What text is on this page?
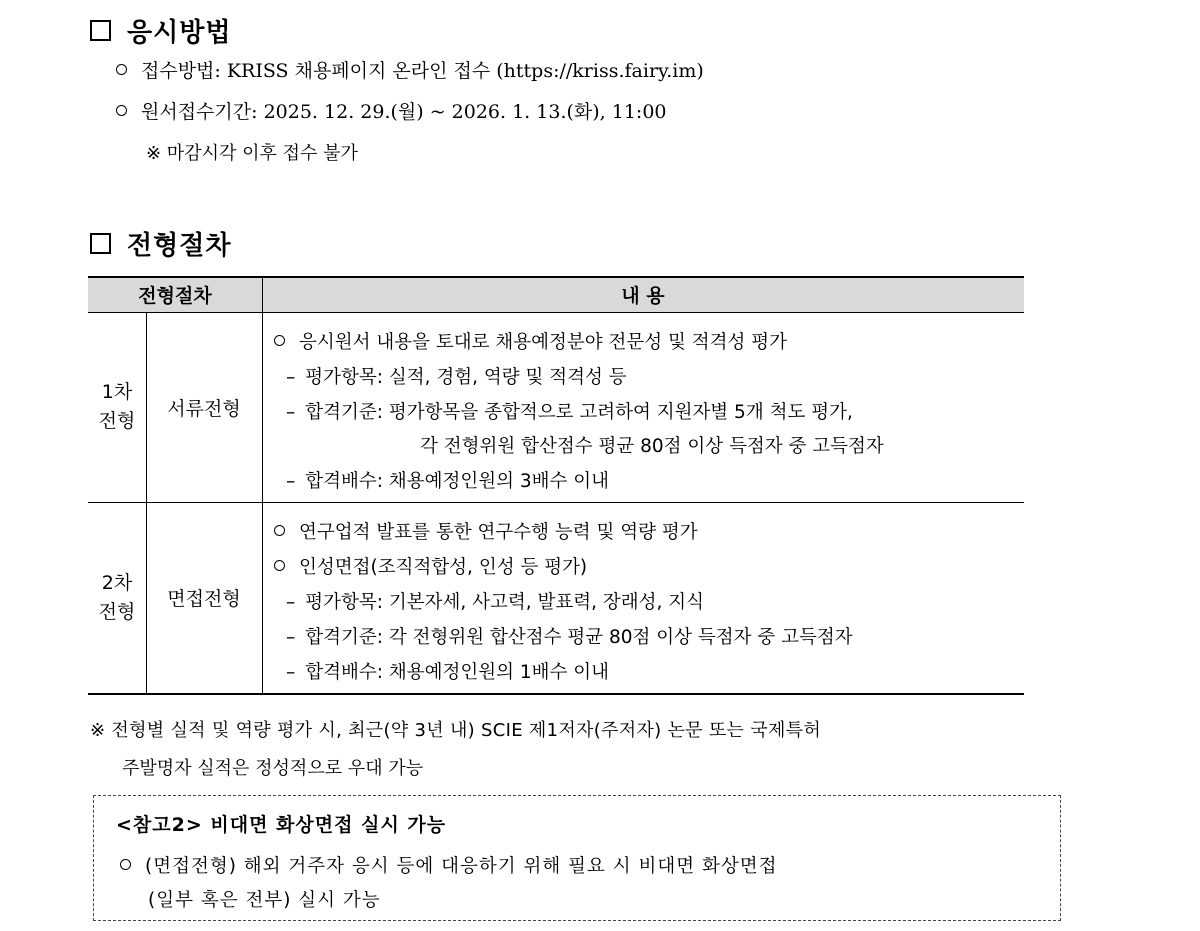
응시방법
접수방법: KRISS 채용페이지 온라인 접수 (https://kriss.fairy.im)
원서접수기간: 2025. 12. 29.(월) ~ 2026. 1. 13.(화), 11:00
※ 마감시각 이후 접수 불가
전형절차
전형절차	내 용
1차
전형
서류전형
응시원서 내용을 토대로 채용예정분야 전문성 및 적격성 평가
– 평가항목: 실적, 경험, 역량 및 적격성 등
– 합격기준: 평가항목을 종합적으로 고려하여 지원자별 5개 척도 평가,
각 전형위원 합산점수 평균 80점 이상 득점자 중 고득점자
– 합격배수: 채용예정인원의 3배수 이내
2차
전형
면접전형
연구업적 발표를 통한 연구수행 능력 및 역량 평가
인성면접(조직적합성, 인성 등 평가)
– 평가항목: 기본자세, 사고력, 발표력, 장래성, 지식
– 합격기준: 각 전형위원 합산점수 평균 80점 이상 득점자 중 고득점자
– 합격배수: 채용예정인원의 1배수 이내
※ 전형별 실적 및 역량 평가 시, 최근(약 3년 내) SCIE 제1저자(주저자) 논문 또는 국제특허
주발명자 실적은 정성적으로 우대 가능
<참고2> 비대면 화상면접 실시 가능
(면접전형) 해외 거주자 응시 등에 대응하기 위해 필요 시 비대면 화상면접
(일부 혹은 전부) 실시 가능
